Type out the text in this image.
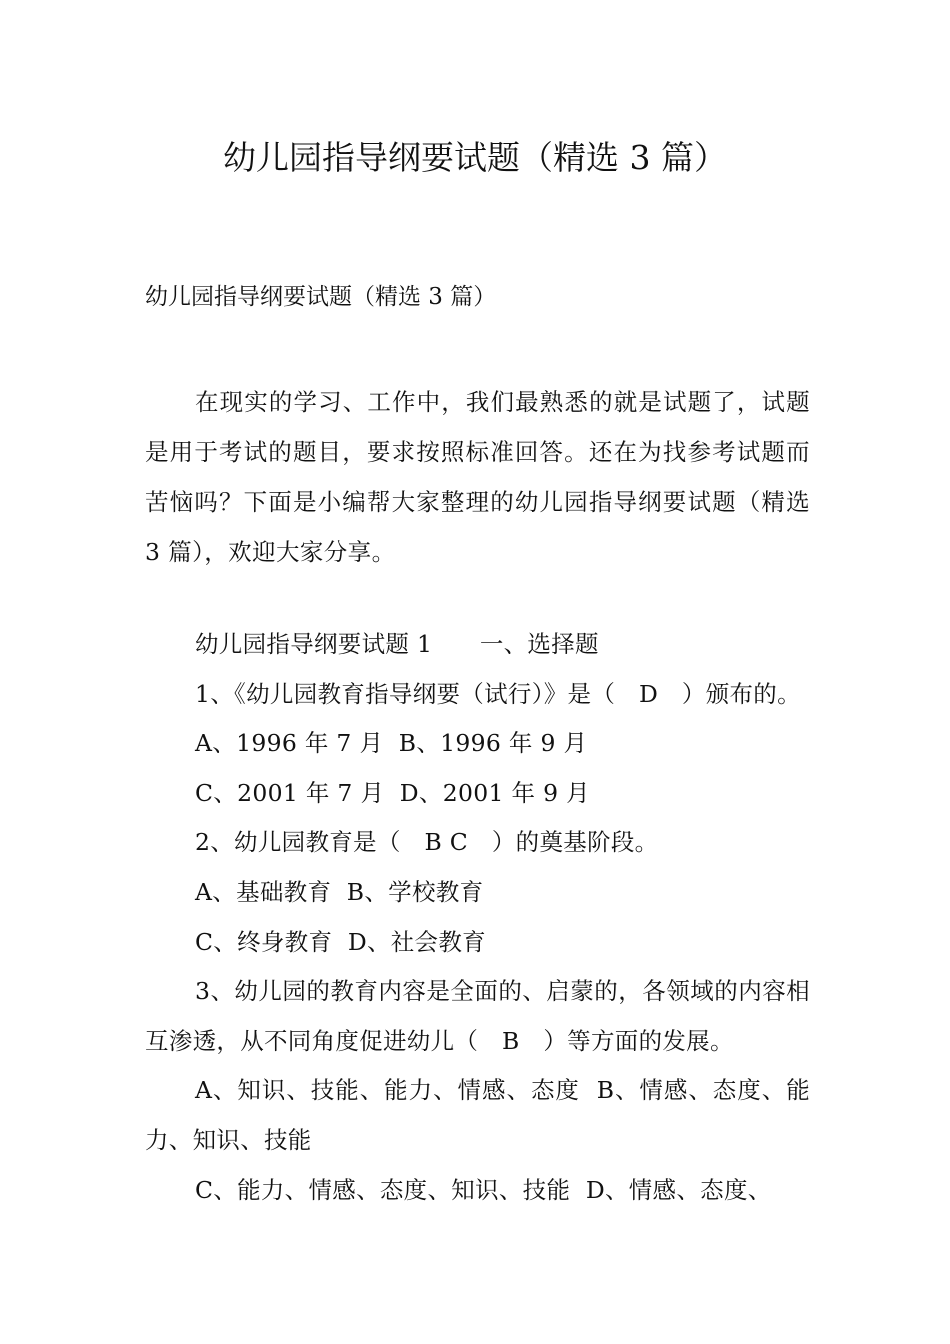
幼儿园指导纲要试题（精选 3 篇）
幼儿园指导纲要试题（精选 3 篇）

在现实的学习、工作中，我们最熟悉的就是试题了，试题是用于考试的题目，要求按照标准回答。还在为找参考试题而苦恼吗？下面是小编帮大家整理的幼儿园指导纲要试题（精选 3 篇），欢迎大家分享。

幼儿园指导纲要试题 1　　一、选择题

1、《幼儿园教育指导纲要（试行）》是（　D　）颁布的。

A、1996 年 7 月  B、1996 年 9 月

C、2001 年 7 月  D、2001 年 9 月

2、幼儿园教育是（　B C　）的奠基阶段。

A、基础教育  B、学校教育

C、终身教育  D、社会教育

3、幼儿园的教育内容是全面的、启蒙的，各领域的内容相互渗透，从不同角度促进幼儿（　B　）等方面的发展。

A、知识、技能、能力、情感、态度  B、情感、态度、能力、知识、技能

C、能力、情感、态度、知识、技能  D、情感、态度、
